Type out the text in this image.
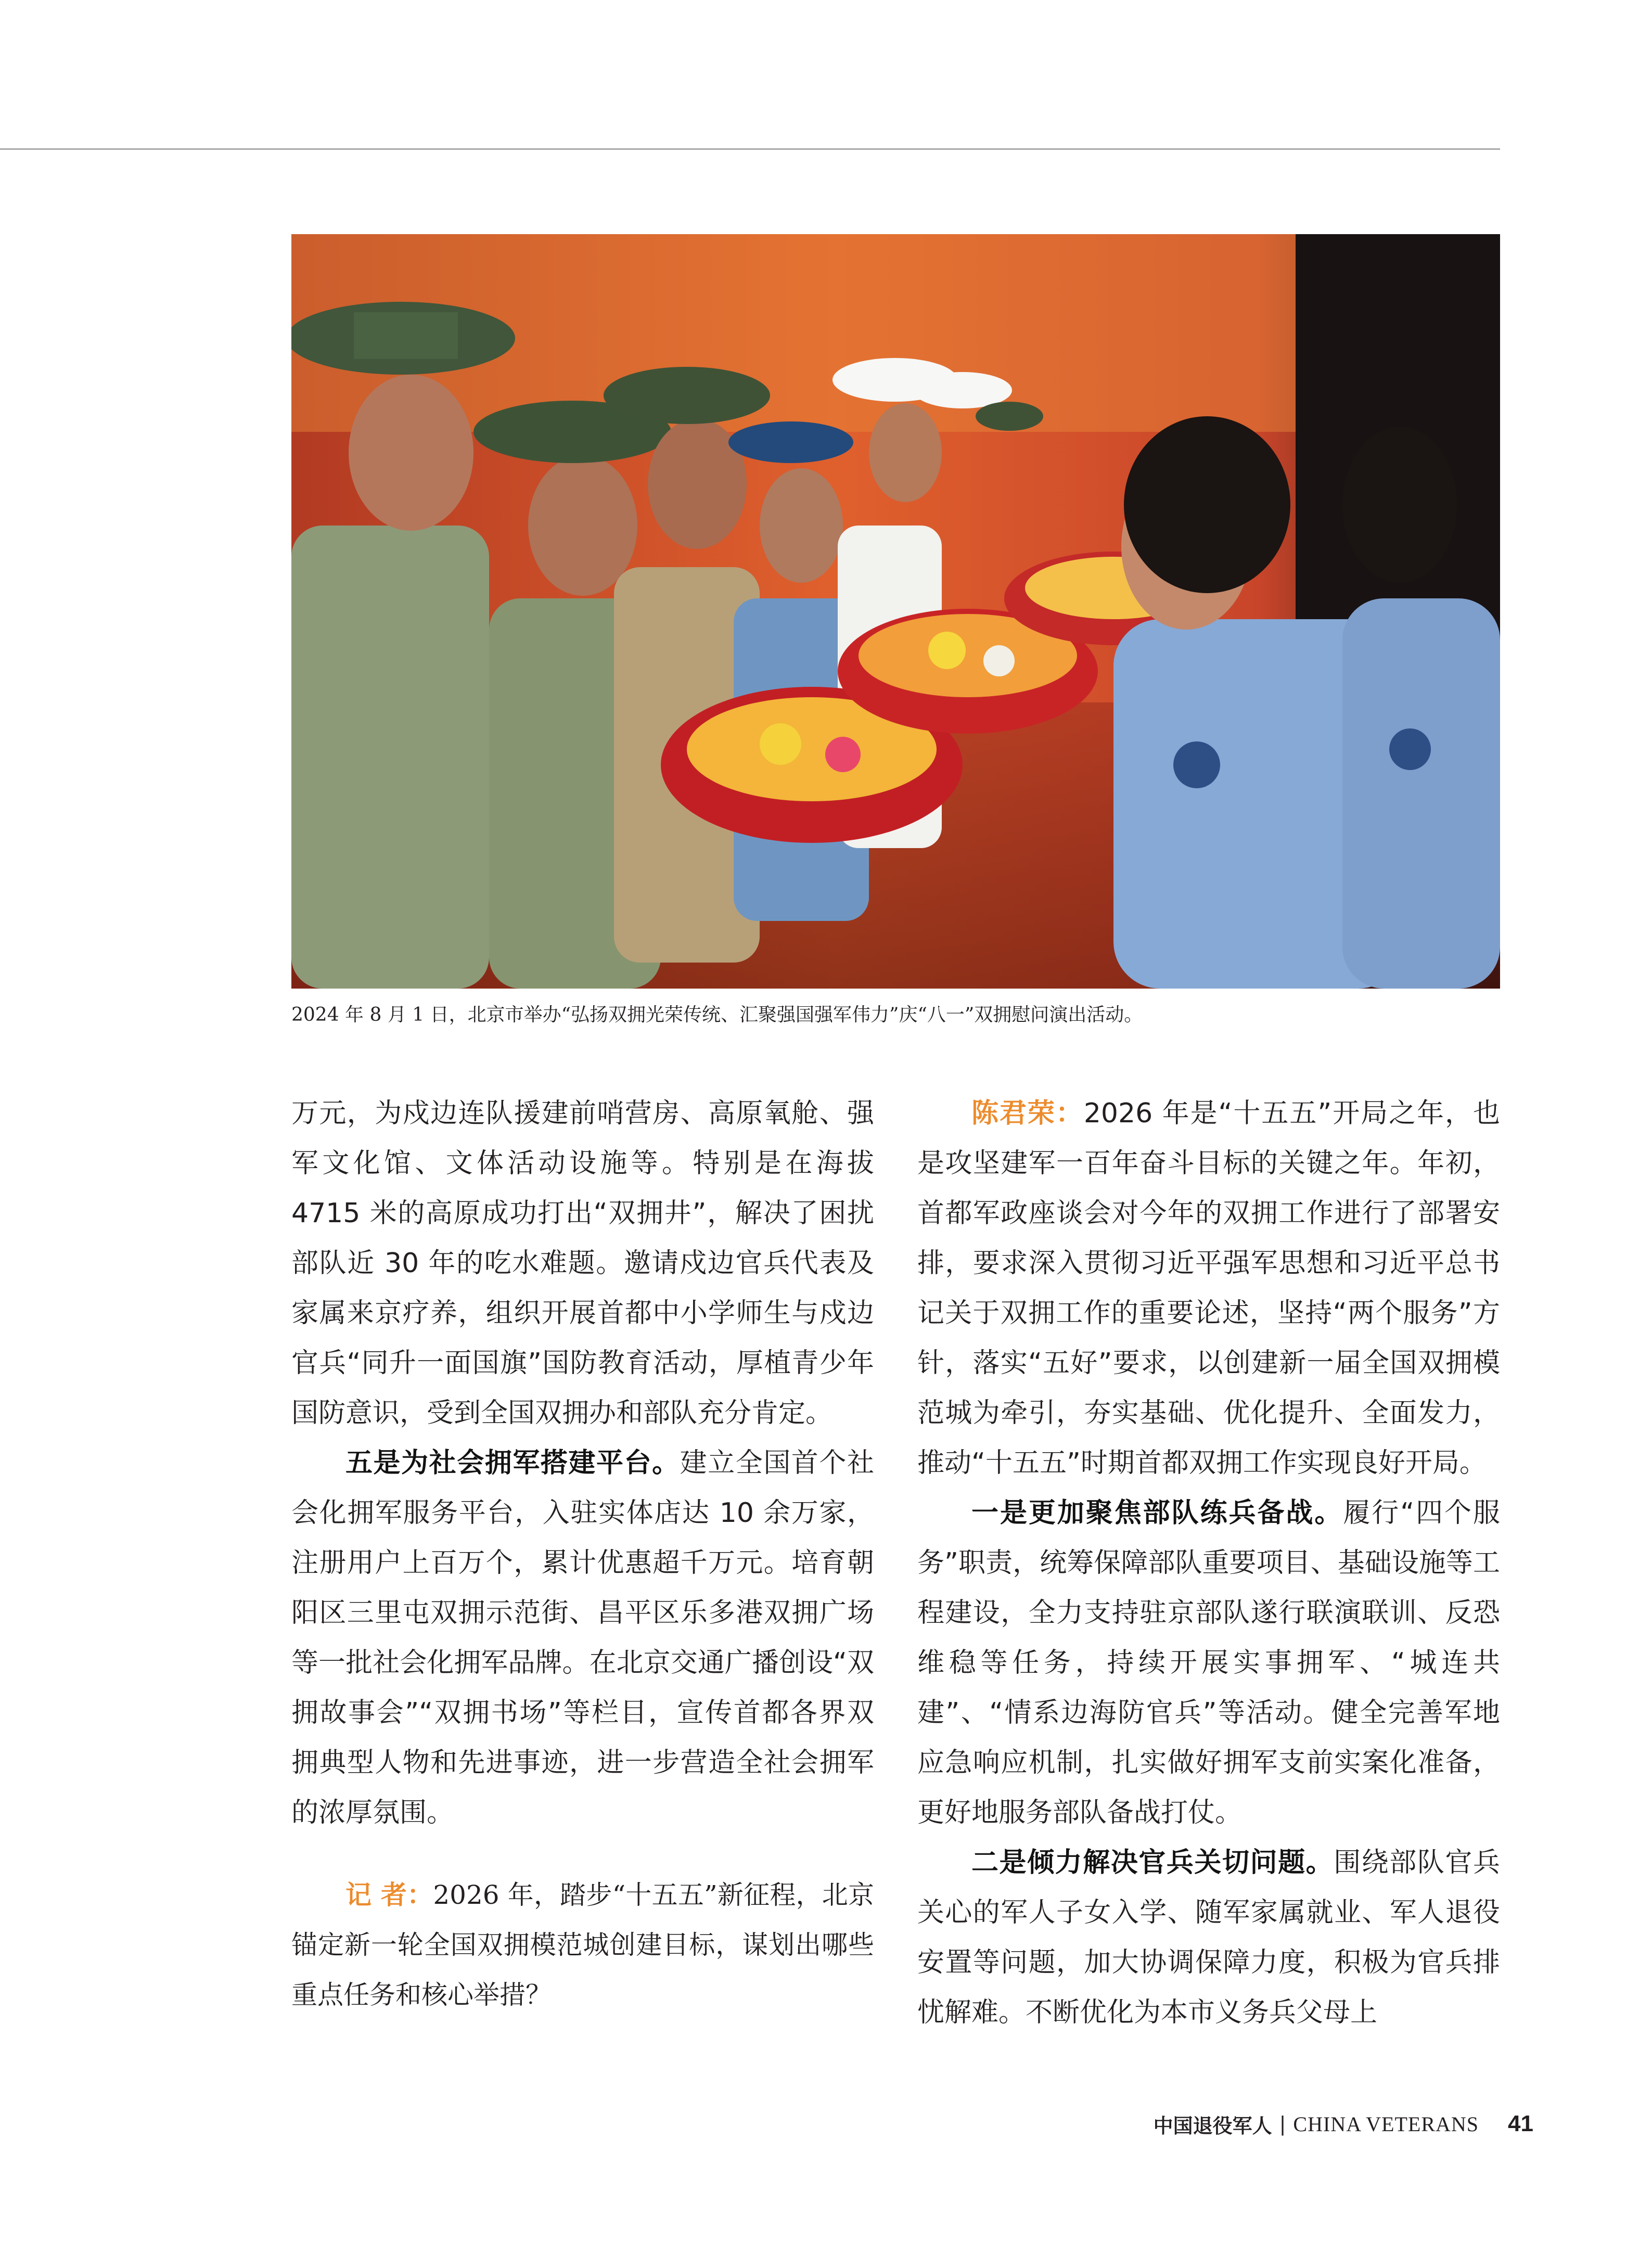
2024 年 8 月 1 日，北京市举办“弘扬双拥光荣传统、汇聚强国强军伟力”庆“八一”双拥慰问演出活动。

万元，为戍边连队援建前哨营房、高原氧舱、强军文化馆、文体活动设施等。特别是在海拔 4715 米的高原成功打出“双拥井”，解决了困扰部队近 30 年的吃水难题。邀请戍边官兵代表及家属来京疗养，组织开展首都中小学师生与戍边官兵“同升一面国旗”国防教育活动，厚植青少年国防意识，受到全国双拥办和部队充分肯定。

五是为社会拥军搭建平台。建立全国首个社会化拥军服务平台，入驻实体店达 10 余万家，注册用户上百万个，累计优惠超千万元。培育朝阳区三里屯双拥示范街、昌平区乐多港双拥广场等一批社会化拥军品牌。在北京交通广播创设“双拥故事会”“双拥书场”等栏目，宣传首都各界双拥典型人物和先进事迹，进一步营造全社会拥军的浓厚氛围。

记 者：2026 年，踏步“十五五”新征程，北京锚定新一轮全国双拥模范城创建目标，谋划出哪些重点任务和核心举措？

陈君荣：2026 年是“十五五”开局之年，也是攻坚建军一百年奋斗目标的关键之年。年初，首都军政座谈会对今年的双拥工作进行了部署安排，要求深入贯彻习近平强军思想和习近平总书记关于双拥工作的重要论述，坚持“两个服务”方针，落实“五好”要求，以创建新一届全国双拥模范城为牵引，夯实基础、优化提升、全面发力，推动“十五五”时期首都双拥工作实现良好开局。

一是更加聚焦部队练兵备战。履行“四个服务”职责，统筹保障部队重要项目、基础设施等工程建设，全力支持驻京部队遂行联演联训、反恐维稳等任务，持续开展实事拥军、“城连共建”、“情系边海防官兵”等活动。健全完善军地应急响应机制，扎实做好拥军支前实案化准备，更好地服务部队备战打仗。

二是倾力解决官兵关切问题。围绕部队官兵关心的军人子女入学、随军家属就业、军人退役安置等问题，加大协调保障力度，积极为官兵排忧解难。不断优化为本市义务兵父母上

中国退役军人 | CHINA VETERANS 41
